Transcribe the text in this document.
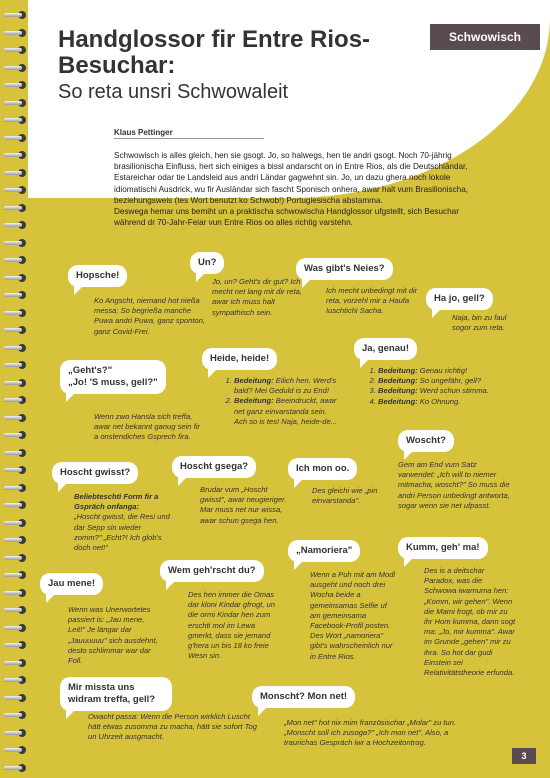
Schwowisch
Handglossor fir Entre Rios-Besuchar:
So reta unsri Schwowaleit
Klaus Pettinger

Schwowisch is alles gleich, hen sie gsogt. Jo, so halwegs, hen tie andri gsogt. Noch 70-jährig brasilionischa Einfluss, hert sich einiges a bissl andarscht on in Entre Rios, als die Deutschländar, Estareichar odar tie Landsleid aus andri Ländar gagwehnt sin. Jo, un dazu ghera noch lokole idiomatischi Ausdrick, wu fir Ausländar sich fascht Sponisch onhera, awar halt vum Brasilionischa, beziehungsweis (tes Wort benutzt ko Schwob!) Portugiesischa abstamma.

Deswega hemar uns bemiht un a praktischa schwowischa Handglossor ufgstellt, sich Besuchar während dr 70-Jahr-Feiar vun Entre Rios oo alles richtig varstehn.

Hopsche!
Ko Angscht, niemand hot nießa messa: So begrießa manche Puwa andri Puwa, ganz sponton, ganz Covid-Frei.
Un?
Jo, un? Geht's dir gut? Ich mecht net lang mit dir reta, awar ich muss halt sympathisch sein.
Was gibt's Neies?
Ich mecht unbedingt mit dir reta, vorzehl mir a Haufa Iuschtichi Sacha.
Ha jo, gell?
Naja, bin zu faul sogor zum reta.
„Geht's?"
„Jo! 'S muss, gell?"
Wenn zwo Hansla sich treffa, awar net bekannt ganug sein fir a onstendiches Gsprech fira.
Heide, heide!
1. Bedeitung: Eilich hen. Werd's bald? Mei Geduld is zu End!
2. Bedeitung: Beeindruckt, awar net ganz einvarstanda sein. Ach so is tes! Naja, heide-de...
Ja, genau!
1. Bedeitung: Genau richtig!
2. Bedeitung: So ungefähr, gell?
3. Bedeitung: Werd schun stimma.
4. Bedeitung: Ko Ohnung.
Woscht?
Gem am End vum Satz varwendet: „Ich will to niemer mitmacha, woscht?" So muss die andri Person unbedingt antworta, sogar wenn sie net ufpasst.
Hoscht gwisst?

Beliebteschti Form fir a Gspräch onfanga:

„Hoscht gwisst, die Resi und dar Sepp sin wieder zomm?" „Echt?! Ich glob's doch net!"

Hoscht gsega?
Brudar vum „Hoscht gwisst", awar neugieriger. Mar muss net nur wissa, awar schun gsega hen.
Ich mon oo.
Des gleichi wie „pin einvarstanda".
„Namoriera"
Wenn a Puh mit am Modl ausgeht und noch drei Wocha beide a gemeinsamas Selfie uf am gemeinsama Facebook-Profil posten. Des Wort „namoriera" gibt's wahrscheinlich nur in Entre Rios.
Kumm, geh' ma!
Des is a deitschar Paradox, was die Schwowa iwarnuma hen: „Komm, wir gehen". Wenn die Mami frogt, ob mir zu ihr Hom kumma, dann sogt ma: „Jo, mir kumma". Awar im Grunde „gehen" mir zu ihra. So hot dar gudi Einstein sei Relativitätstheorie erfunda.
Jau mene!
Wenn was Unerwortetes passiert is: „Jau mene, Leit!" Je längar dar „Jauuuuuu" sich ausdehnt, desto schlimmar war dar Foll.
Wem geh'rscht du?
Des hen immer die Omas dar kloni Kindar gfrogt, un die ormi Kindar hen zum erschti mol im Lewa gmerkt, dass sie jemand g'hera un bis 18 ko freie Wesn sin.
Mir missta uns widram treffa, gell?
Owacht passa: Wenn die Person wirklich Luscht hätt etwas zusomma zu macha, hätt sie sofort Tog un Uhrzeit ausgmacht.
Monscht? Mon net!
„Mon net" hot nix mim französischar „Molar" zu tun. „Monscht soll ich zusoga?" „Ich mon net". Also, a traurichas Gespräch iwr a Hochzeitontrog.
3
